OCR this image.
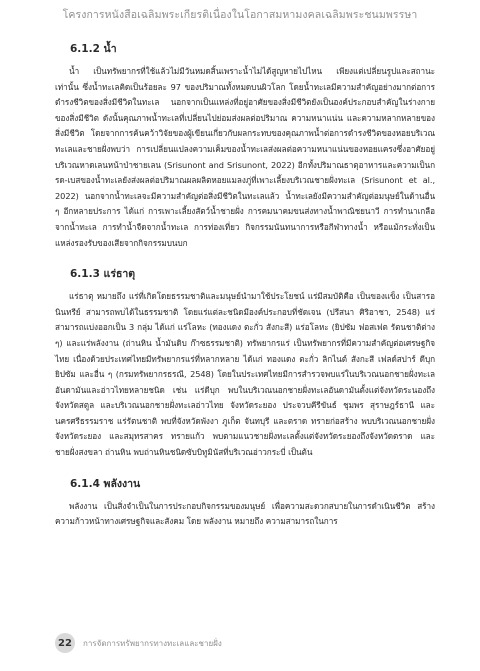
โครงการหนังสือเฉลิมพระเกียรติเนื่องในโอกาสมหามงคลเฉลิมพระชนมพรรษา
6.1.2 น้ำ

น้ำ เป็นทรัพยากรที่ใช้แล้วไม่มีวันหมดสิ้นเพราะน้ำไม่ได้สูญหายไปไหน เพียงแต่เปลี่ยนรูปและสถานะเท่านั้น ซึ่งน้ำทะเลคิดเป็นร้อยละ 97 ของปริมาณทั้งหมดบนผิวโลก โดยน้ำทะเลมีความสำคัญอย่างมากต่อการดำรงชีวิตของสิ่งมีชีวิตในทะเล นอกจากเป็นแหล่งที่อยู่อาศัยของสิ่งมีชีวิตยังเป็นองค์ประกอบสำคัญในร่างกายของสิ่งมีชีวิต ดังนั้นคุณภาพน้ำทะเลที่เปลี่ยนไปย่อมส่งผลต่อปริมาณ ความหนาแน่น และความหลากหลายของสิ่งมีชีวิต โดยจากการค้นคว้าวิจัยของผู้เขียนเกี่ยวกับผลกระทบของคุณภาพน้ำต่อการดำรงชีวิตของหอยบริเวณทะเลและชายฝั่งพบว่า การเปลี่ยนแปลงความเค็มของน้ำทะเลส่งผลต่อความหนาแน่นของหอยแครงซึ่งอาศัยอยู่บริเวณหาดเลนหน้าป่าชายเลน (Srisunont and Srisunont, 2022) อีกทั้งปริมาณธาตุอาหารและความเป็นกรด-เบสของน้ำทะเลยังส่งผลต่อปริมาณผลผลิตหอยแมลงภู่ที่เพาะเลี้ยงบริเวณชายฝั่งทะเล (Srisunont et al., 2022) นอกจากน้ำทะเลจะมีความสำคัญต่อสิ่งมีชีวิตในทะเลแล้ว น้ำทะเลยังมีความสำคัญต่อมนุษย์ในด้านอื่น ๆ อีกหลายประการ ได้แก่ การเพาะเลี้ยงสัตว์น้ำชายฝั่ง การคมนาคมขนส่งทางน้ำพาณิชยนาวี การทำนาเกลือจากน้ำทะเล การทำน้ำจืดจากน้ำทะเล การท่องเที่ยว กิจกรรมนันทนาการหรือกีฬาทางน้ำ หรือแม้กระทั่งเป็นแหล่งรองรับของเสียจากกิจกรรมบนบก

6.1.3 แร่ธาตุ

แร่ธาตุ หมายถึง แร่ที่เกิดโดยธรรมชาติและมนุษย์นำมาใช้ประโยชน์ แร่มีสมบัติคือ เป็นของแข็ง เป็นสารอนินทรีย์ สามารถพบได้ในธรรมชาติ โดยแร่แต่ละชนิดมีองค์ประกอบที่ชัดเจน (ปรีสนา ศิริอาชา, 2548) แร่สามารถแบ่งออกเป็น 3 กลุ่ม ได้แก่ แร่โลหะ (ทองแดง ตะกั่ว สังกะสี) แร่อโลหะ (ยิปซัม ฟอสเฟต รัตนชาติต่าง ๆ) และแร่พลังงาน (ถ่านหิน น้ำมันดิบ ก๊าซธรรมชาติ) ทรัพยากรแร่ เป็นทรัพยากรที่มีความสำคัญต่อเศรษฐกิจไทย เนื่องด้วยประเทศไทยมีทรัพยากรแร่ที่หลากหลาย ได้แก่ ทองแดง ตะกั่ว ลิกไนต์ สังกะสี เฟลด์สปาร์ ดีบุก ยิปซัม และอื่น ๆ (กรมทรัพยากรธรณี, 2548) โดยในประเทศไทยมีการสำรวจพบแร่ในบริเวณนอกชายฝั่งทะเลอันดามันและอ่าวไทยหลายชนิด เช่น แร่ดีบุก พบในบริเวณนอกชายฝั่งทะเลอันดามันตั้งแต่จังหวัดระนองถึงจังหวัดสตูล และบริเวณนอกชายฝั่งทะเลอ่าวไทย จังหวัดระยอง ประจวบคีรีขันธ์ ชุมพร สุราษฎร์ธานี และนครศรีธรรมราช แร่รัตนชาติ พบที่จังหวัดพังงา ภูเก็ต จันทบุรี และตราด ทรายก่อสร้าง พบบริเวณนอกชายฝั่งจังหวัดระยอง และสมุทรสาคร ทรายแก้ว พบตามแนวชายฝั่งทะเลตั้งแต่จังหวัดระยองถึงจังหวัดตราด และชายฝั่งสงขลา ถ่านหิน พบถ่านหินชนิดซับบิทูมินัสที่บริเวณอ่าวกระบี่ เป็นต้น

6.1.4 พลังงาน

พลังงาน เป็นสิ่งจำเป็นในการประกอบกิจกรรมของมนุษย์ เพื่อความสะดวกสบายในการดำเนินชีวิต สร้างความก้าวหน้าทางเศรษฐกิจและสังคม โดย พลังงาน หมายถึง ความสามารถในการ

22	การจัดการทรัพยากรทางทะเลและชายฝั่ง
